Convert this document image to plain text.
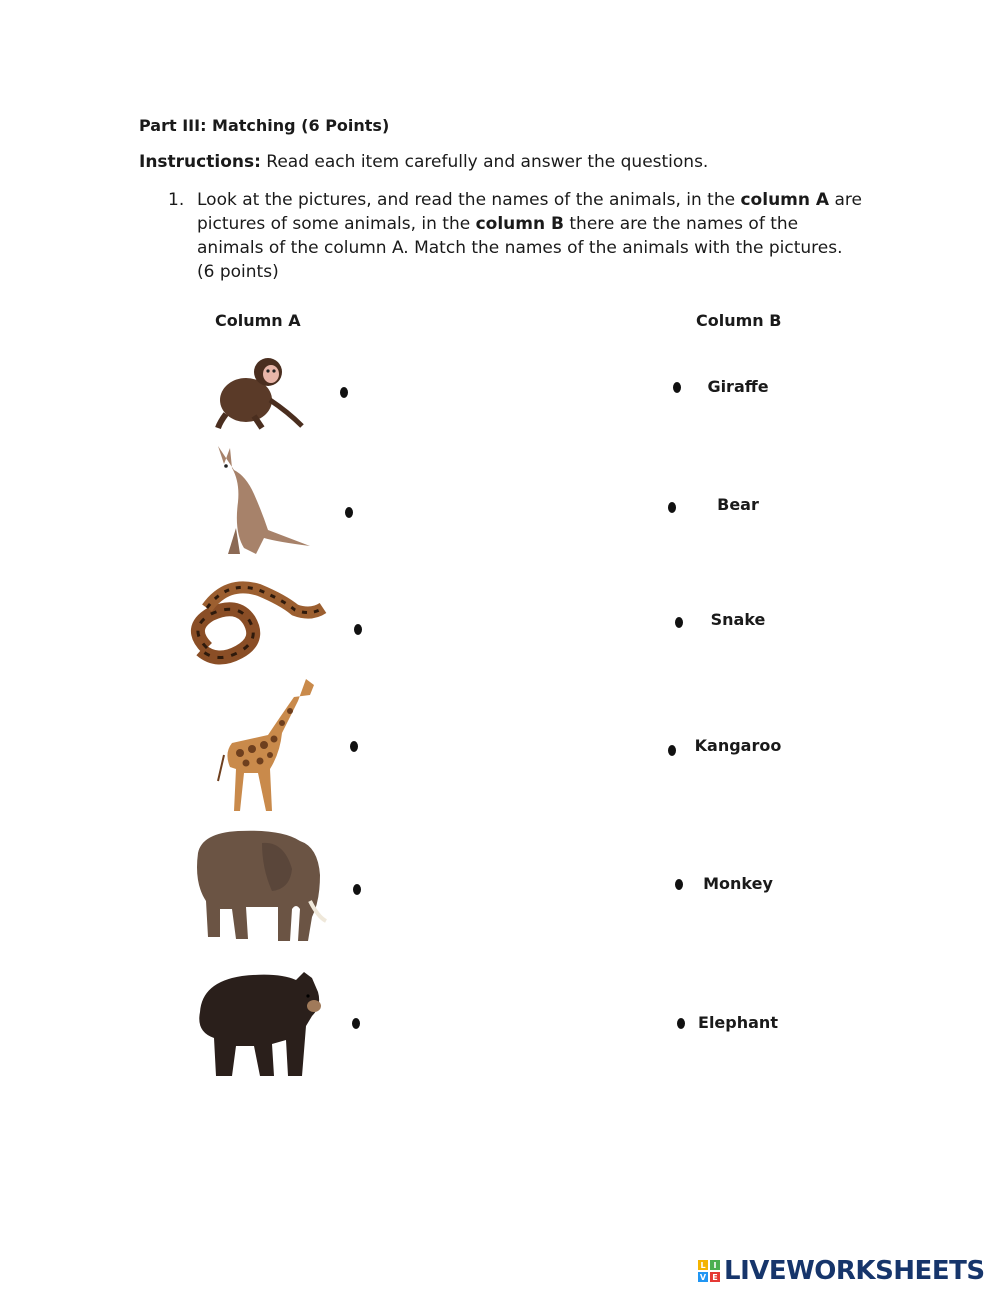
Part III: Matching (6 Points)
Instructions: Read each item carefully and answer the questions.
1. Look at the pictures, and read the names of the animals, in the column A are pictures of some animals, in the column B there are the names of the animals of the column A. Match the names of the animals with the pictures. (6 points)
Column A	Column B
Giraffe
Bear
Snake
Kangaroo
Monkey
Elephant
L I
V E LIVEWORKSHEETS
